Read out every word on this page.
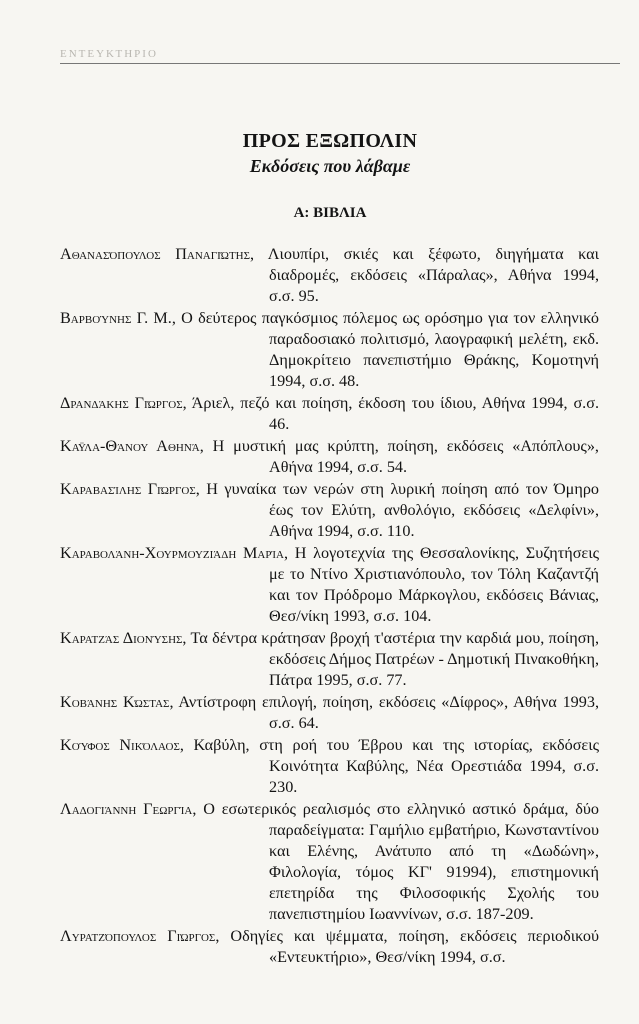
ΕΝΤΕΥΚΤΗΡΙΟ
ΠΡΟΣ ΕΞΩΠΟΛΙΝ
Εκδόσεις που λάβαμε
Α: ΒΙΒΛΙΑ

Αθανασόπουλος Παναγιώτης, Λιουπίρι, σκιές και ξέφωτο, διηγήματα και διαδρομές, εκδόσεις «Πάραλας», Αθήνα 1994, σ.σ. 95.

Βαρβούνης Γ. Μ., Ο δεύτερος παγκόσμιος πόλεμος ως ορόσημο για τον ελληνικό παραδοσιακό πολιτισμό, λαογραφική μελέτη, εκδ. Δημοκρίτειο πανεπιστήμιο Θράκης, Κομοτηνή 1994, σ.σ. 48.

Δρανδάκης Γιώργος, Άριελ, πεζό και ποίηση, έκδοση του ίδιου, Αθήνα 1994, σ.σ. 46.

Καϋλα-Θάνου Αθηνά, Η μυστική μας κρύπτη, ποίηση, εκδόσεις «Απόπλους», Αθήνα 1994, σ.σ. 54.

Καραβασίλης Γιώργος, Η γυναίκα των νερών στη λυρική ποίηση από τον Όμηρο έως τον Ελύτη, ανθολόγιο, εκδόσεις «Δελφίνι», Αθήνα 1994, σ.σ. 110.

Καραβολάνη-Χουρμουζιάδη Μαρία, Η λογοτεχνία της Θεσσαλονίκης, Συζητήσεις με το Ντίνο Χριστιανόπουλο, τον Τόλη Καζαντζή και τον Πρόδρομο Μάρκογλου, εκδόσεις Βάνιας, Θεσ/νίκη 1993, σ.σ. 104.

Καρατζάς Διονύσης, Τα δέντρα κράτησαν βροχή τ'αστέρια την καρδιά μου, ποίηση, εκδόσεις Δήμος Πατρέων - Δημοτική Πινακοθήκη, Πάτρα 1995, σ.σ. 77.

Κοβάνης Κώστας, Αντίστροφη επιλογή, ποίηση, εκδόσεις «Δίφρος», Αθήνα 1993, σ.σ. 64.

Κούφος Νικόλαος, Καβύλη, στη ροή του Έβρου και της ιστορίας, εκδόσεις Κοινότητα Καβύλης, Νέα Ορεστιάδα 1994, σ.σ. 230.

Λαδογιάννη Γεωργία, Ο εσωτερικός ρεαλισμός στο ελληνικό αστικό δράμα, δύο παραδείγματα: Γαμήλιο εμβατήριο, Κωνσταντίνου και Ελένης, Ανάτυπο από τη «Δωδώνη», Φιλολογία, τόμος ΚΓ' 91994), επιστημονική επετηρίδα της Φιλοσοφικής Σχολής του πανεπιστημίου Ιωαννίνων, σ.σ. 187-209.

Λυρατζόπουλος Γιώργος, Οδηγίες και ψέμματα, ποίηση, εκδόσεις περιοδικού «Εντευκτήριο», Θεσ/νίκη 1994, σ.σ.
